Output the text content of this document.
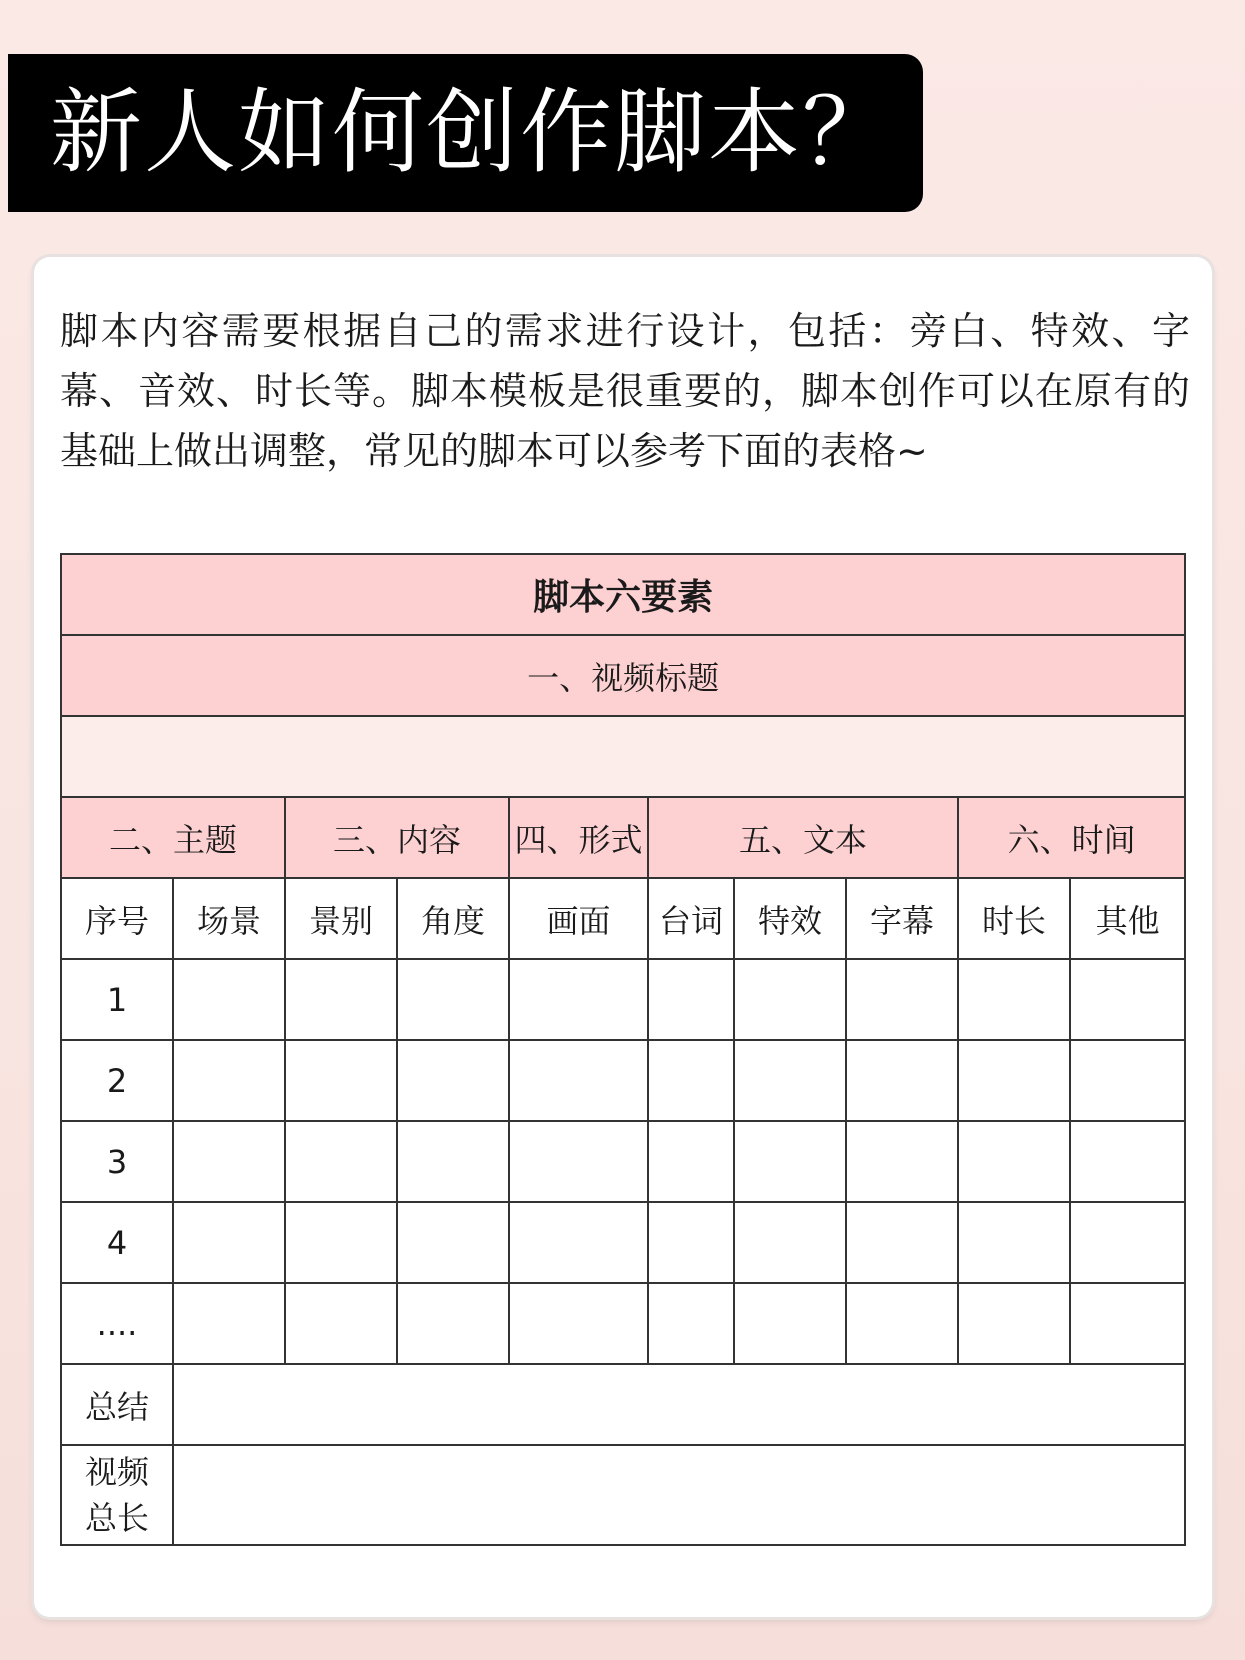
新人如何创作脚本？

脚本内容需要根据自己的需求进行设计，包括：旁白、特效、字幕、音效、时长等。脚本模板是很重要的，脚本创作可以在原有的基础上做出调整，常见的脚本可以参考下面的表格~

脚本六要素									
一、视频标题									

二、主题		三、内容		四、形式	五、文本			六、时间	
序号	场景	景别	角度	画面	台词	特效	字幕	时长	其他
1									
2									
3									
4									
....									
总结									

视频
总长									
